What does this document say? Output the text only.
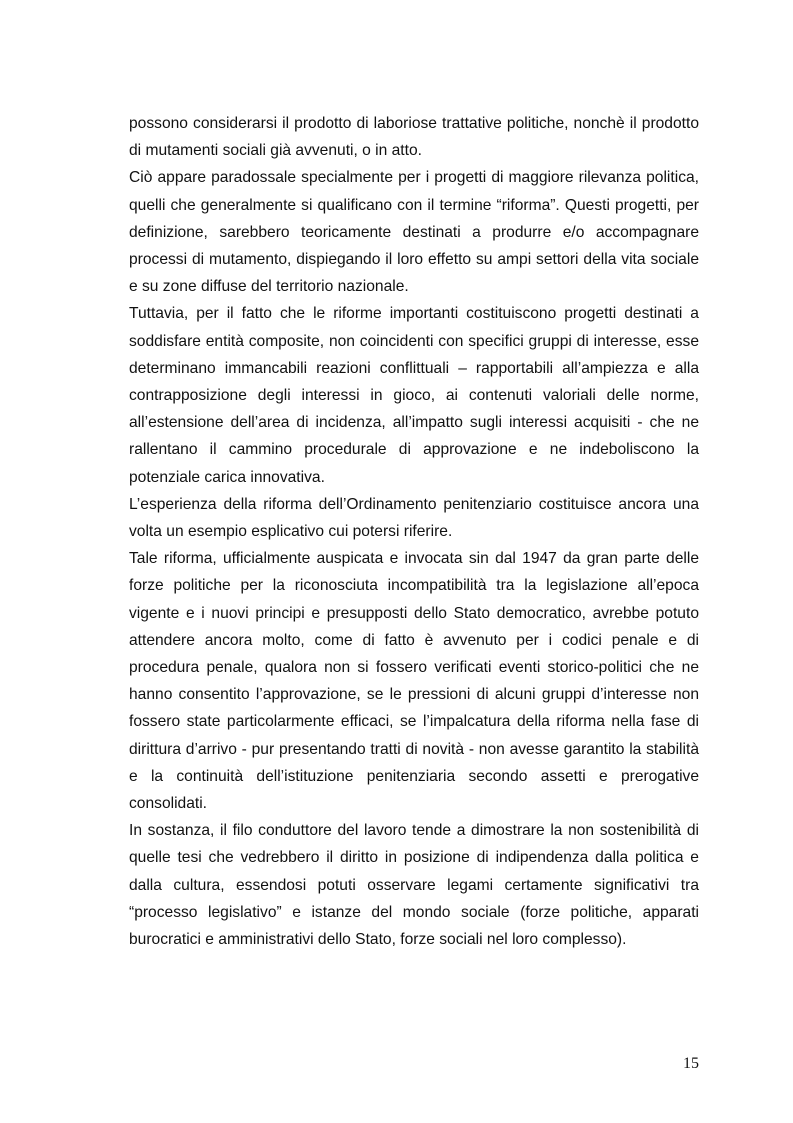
possono considerarsi il prodotto di laboriose trattative politiche, nonchè il prodotto di mutamenti sociali già avvenuti, o in atto.

Ciò appare paradossale specialmente per i progetti di maggiore rilevanza politica, quelli che generalmente si qualificano con il termine “riforma”. Questi progetti, per definizione, sarebbero teoricamente destinati a produrre e/o accompagnare processi di mutamento, dispiegando il loro effetto su ampi settori della vita sociale e su zone diffuse del territorio nazionale.

Tuttavia, per il fatto che le riforme importanti costituiscono progetti destinati a soddisfare entità composite, non coincidenti con specifici gruppi di interesse, esse determinano immancabili reazioni conflittuali – rapportabili all’ampiezza e alla contrapposizione degli interessi in gioco, ai contenuti valoriali delle norme, all’estensione dell’area di incidenza, all’impatto sugli interessi acquisiti - che ne rallentano il cammino procedurale di approvazione e ne indeboliscono la potenziale carica innovativa.

L’esperienza della riforma dell’Ordinamento penitenziario costituisce ancora una volta un esempio esplicativo cui potersi riferire.

Tale riforma, ufficialmente auspicata e invocata sin dal 1947 da gran parte delle forze politiche per la riconosciuta incompatibilità tra la legislazione all’epoca vigente e i nuovi principi e presupposti dello Stato democratico, avrebbe potuto attendere ancora molto, come di fatto è avvenuto per i codici penale e di procedura penale, qualora non si fossero verificati eventi storico-politici che ne hanno consentito l’approvazione, se le pressioni di alcuni gruppi d’interesse non fossero state particolarmente efficaci, se l’impalcatura della riforma nella fase di dirittura d’arrivo - pur presentando tratti di novità - non avesse garantito la stabilità e la continuità dell’istituzione penitenziaria secondo assetti e prerogative consolidati.

In sostanza, il filo conduttore del lavoro tende a dimostrare la non sostenibilità di quelle tesi che vedrebbero il diritto in posizione di indipendenza dalla politica e dalla cultura, essendosi potuti osservare legami certamente significativi tra “processo legislativo” e istanze del mondo sociale (forze politiche, apparati burocratici e amministrativi dello Stato, forze sociali nel loro complesso).

15
